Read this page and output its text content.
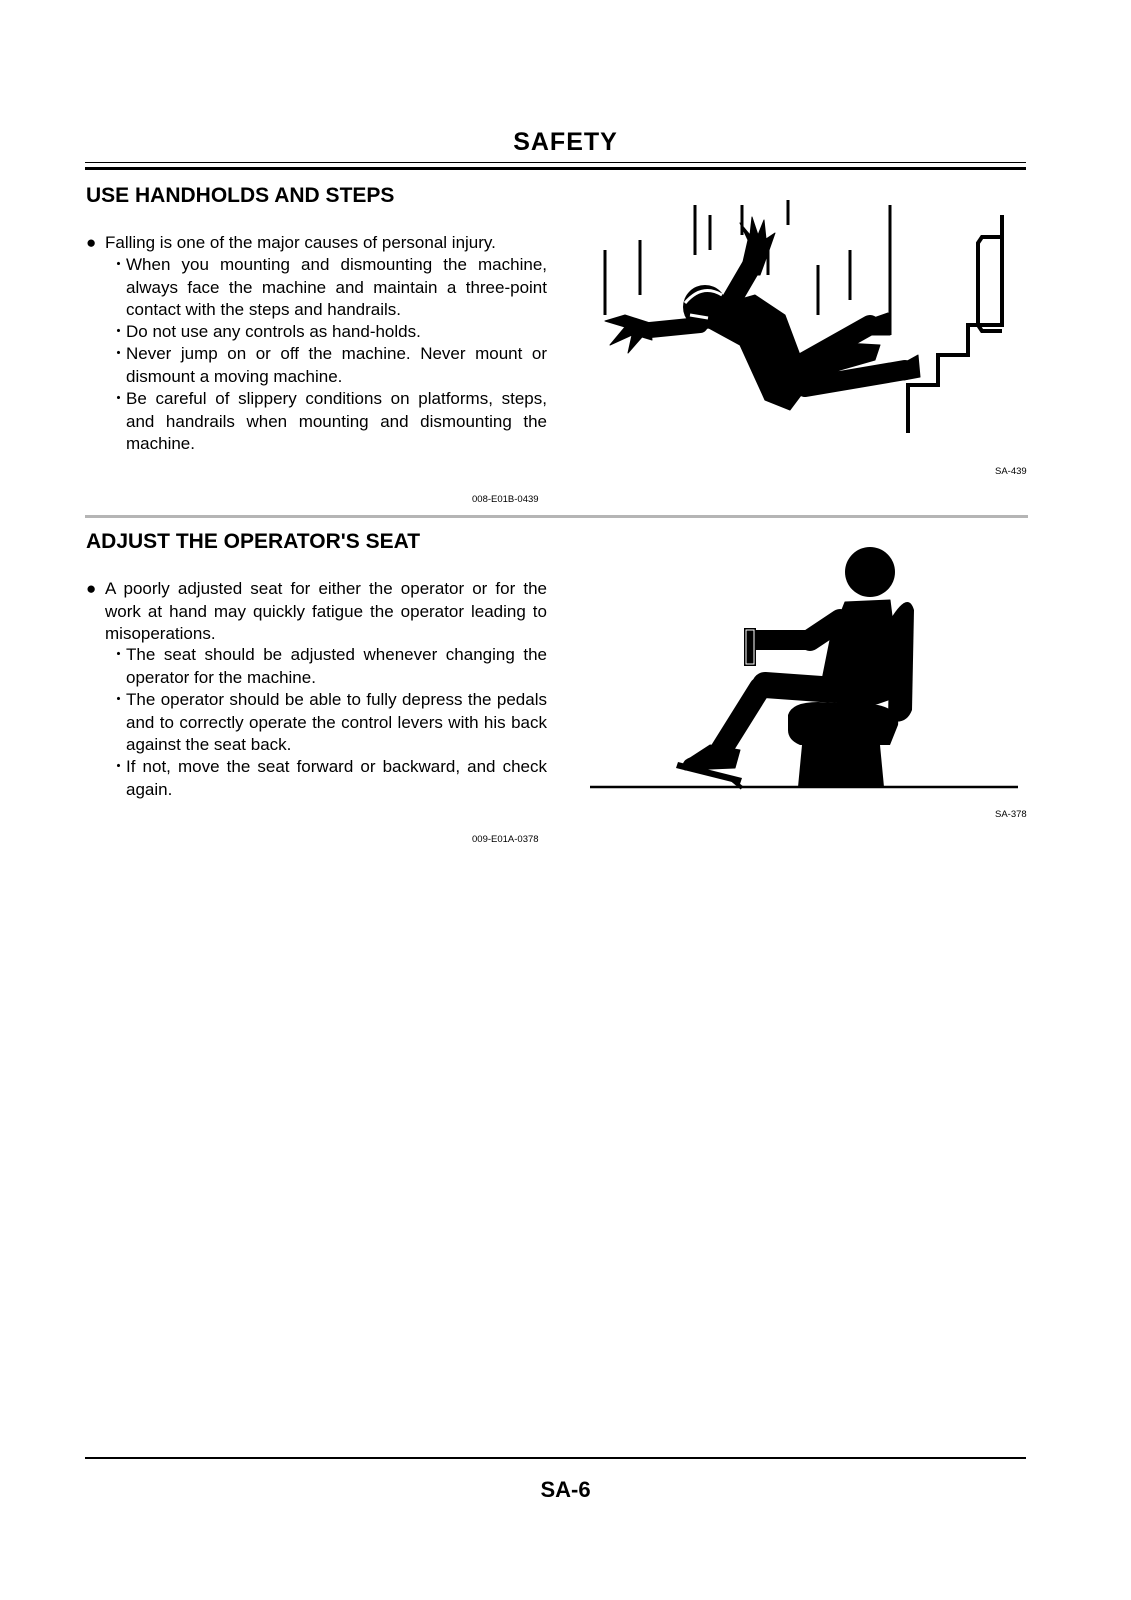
SAFETY
USE HANDHOLDS AND STEPS
● Falling is one of the major causes of personal injury.
・ When you mounting and dismounting the machine, always face the machine and maintain a three-point contact with the steps and handrails.
・ Do not use any controls as hand-holds.
・ Never jump on or off the machine. Never mount or dismount a moving machine.
・ Be careful of slippery conditions on platforms, steps, and handrails when mounting and dismounting the machine.
SA-439
008-E01B-0439
ADJUST THE OPERATOR'S SEAT
● A poorly adjusted seat for either the operator or for the work at hand may quickly fatigue the operator leading to misoperations.
・ The seat should be adjusted whenever changing the operator for the machine.
・ The operator should be able to fully depress the pedals and to correctly operate the control levers with his back against the seat back.
・ If not, move the seat forward or backward, and check again.
SA-378
009-E01A-0378
SA-6
